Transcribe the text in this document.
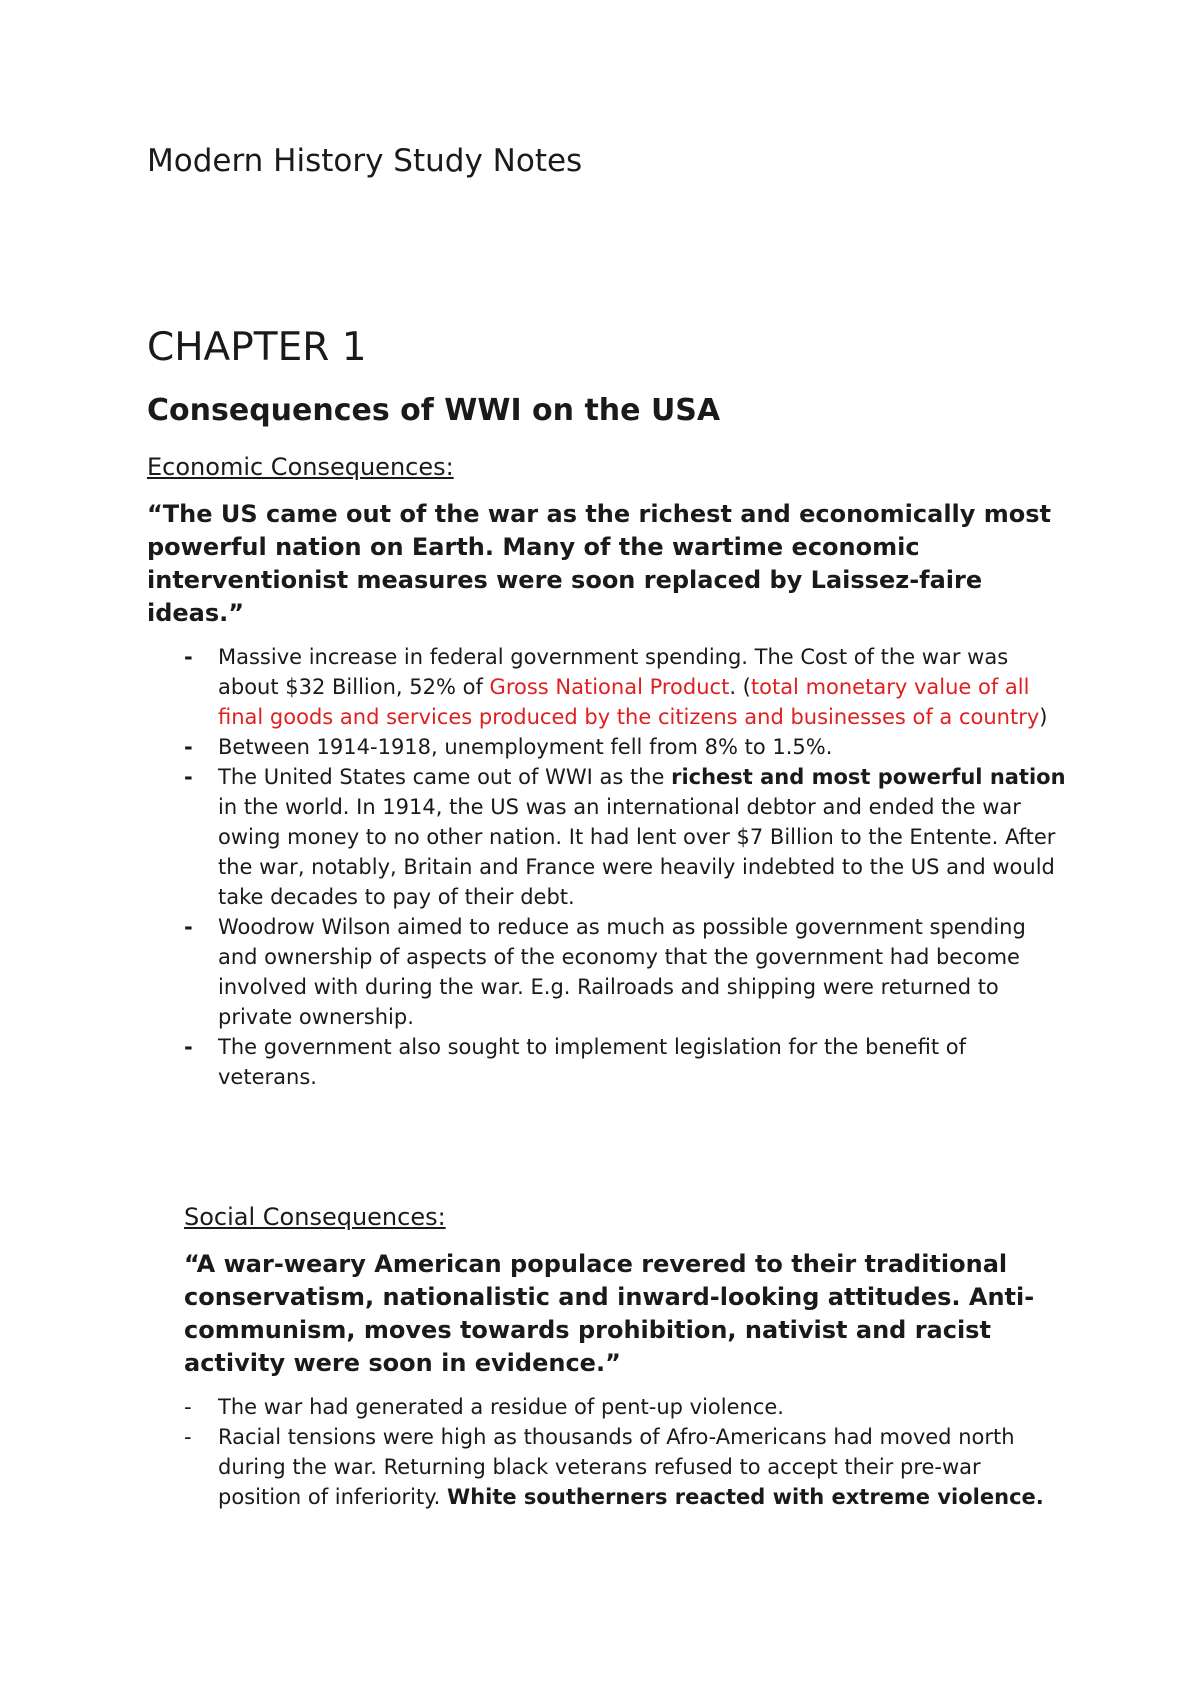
Modern History Study Notes
CHAPTER 1
Consequences of WWI on the USA
Economic Consequences:

“The US came out of the war as the richest and economically most powerful nation on Earth. Many of the wartime economic interventionist measures were soon replaced by Laissez-faire ideas.”

- Massive increase in federal government spending. The Cost of the war was about $32 Billion, 52% of Gross National Product. (total monetary value of all final goods and services produced by the citizens and businesses of a country)
- Between 1914-1918, unemployment fell from 8% to 1.5%.
- The United States came out of WWI as the richest and most powerful nation in the world. In 1914, the US was an international debtor and ended the war owing money to no other nation. It had lent over $7 Billion to the Entente. After the war, notably, Britain and France were heavily indebted to the US and would take decades to pay of their debt.
- Woodrow Wilson aimed to reduce as much as possible government spending and ownership of aspects of the economy that the government had become involved with during the war. E.g. Railroads and shipping were returned to private ownership.
- The government also sought to implement legislation for the benefit of veterans.
Social Consequences:

“A war-weary American populace revered to their traditional conservatism, nationalistic and inward-looking attitudes. Anti-communism, moves towards prohibition, nativist and racist activity were soon in evidence.”

- The war had generated a residue of pent-up violence.
- Racial tensions were high as thousands of Afro-Americans had moved north during the war. Returning black veterans refused to accept their pre-war position of inferiority. White southerners reacted with extreme violence.
